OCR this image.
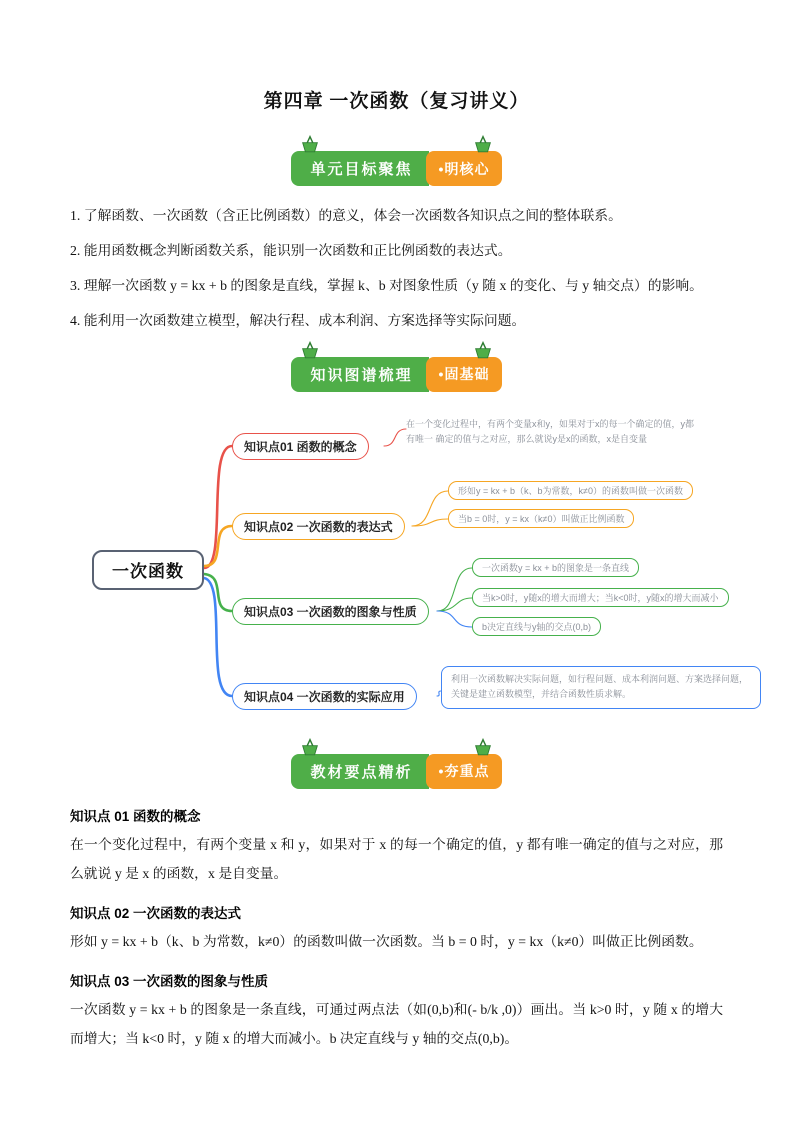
第四章 一次函数（复习讲义）
单元目标聚焦	•明核心

1. 了解函数、一次函数（含正比例函数）的意义，体会一次函数各知识点之间的整体联系。

2. 能用函数概念判断函数关系，能识别一次函数和正比例函数的表达式。

3. 理解一次函数 y = kx + b 的图象是直线，掌握 k、b 对图象性质（y 随 x 的变化、与 y 轴交点）的影响。

4. 能利用一次函数建立模型，解决行程、成本利润、方案选择等实际问题。

知识图谱梳理	•固基础
一次函数
知识点01 函数的概念
知识点02 一次函数的表达式
知识点03 一次函数的图象与性质
知识点04 一次函数的实际应用
在一个变化过程中，有两个变量x和y，如果对于x的每一个确定的值，y都
有唯一 确定的值与之对应，那么就说y是x的函数，x是自变量
形如y = kx + b（k、b为常数，k≠0）的函数叫做一次函数
当b = 0时，y = kx（k≠0）叫做正比例函数
一次函数y = kx + b的图象是一条直线
当k>0时，y随x的增大而增大；当k<0时，y随x的增大而减小
b决定直线与y轴的交点(0,b)
利用一次函数解决实际问题，如行程问题、成本利润问题、方案选择问题，关键是建立函数模型，并结合函数性质求解。
教材要点精析	•夯重点
知识点 01 函数的概念

在一个变化过程中，有两个变量 x 和 y，如果对于 x 的每一个确定的值，y 都有唯一确定的值与之对应，那么就说 y 是 x 的函数，x 是自变量。

知识点 02 一次函数的表达式

形如 y = kx + b（k、b 为常数，k≠0）的函数叫做一次函数。当 b = 0 时，y = kx（k≠0）叫做正比例函数。

知识点 03 一次函数的图象与性质

一次函数 y = kx + b 的图象是一条直线，可通过两点法（如(0,b)和(- b/k ,0)）画出。当 k>0 时，y 随 x 的增大而增大；当 k<0 时，y 随 x 的增大而减小。b 决定直线与 y 轴的交点(0,b)。
